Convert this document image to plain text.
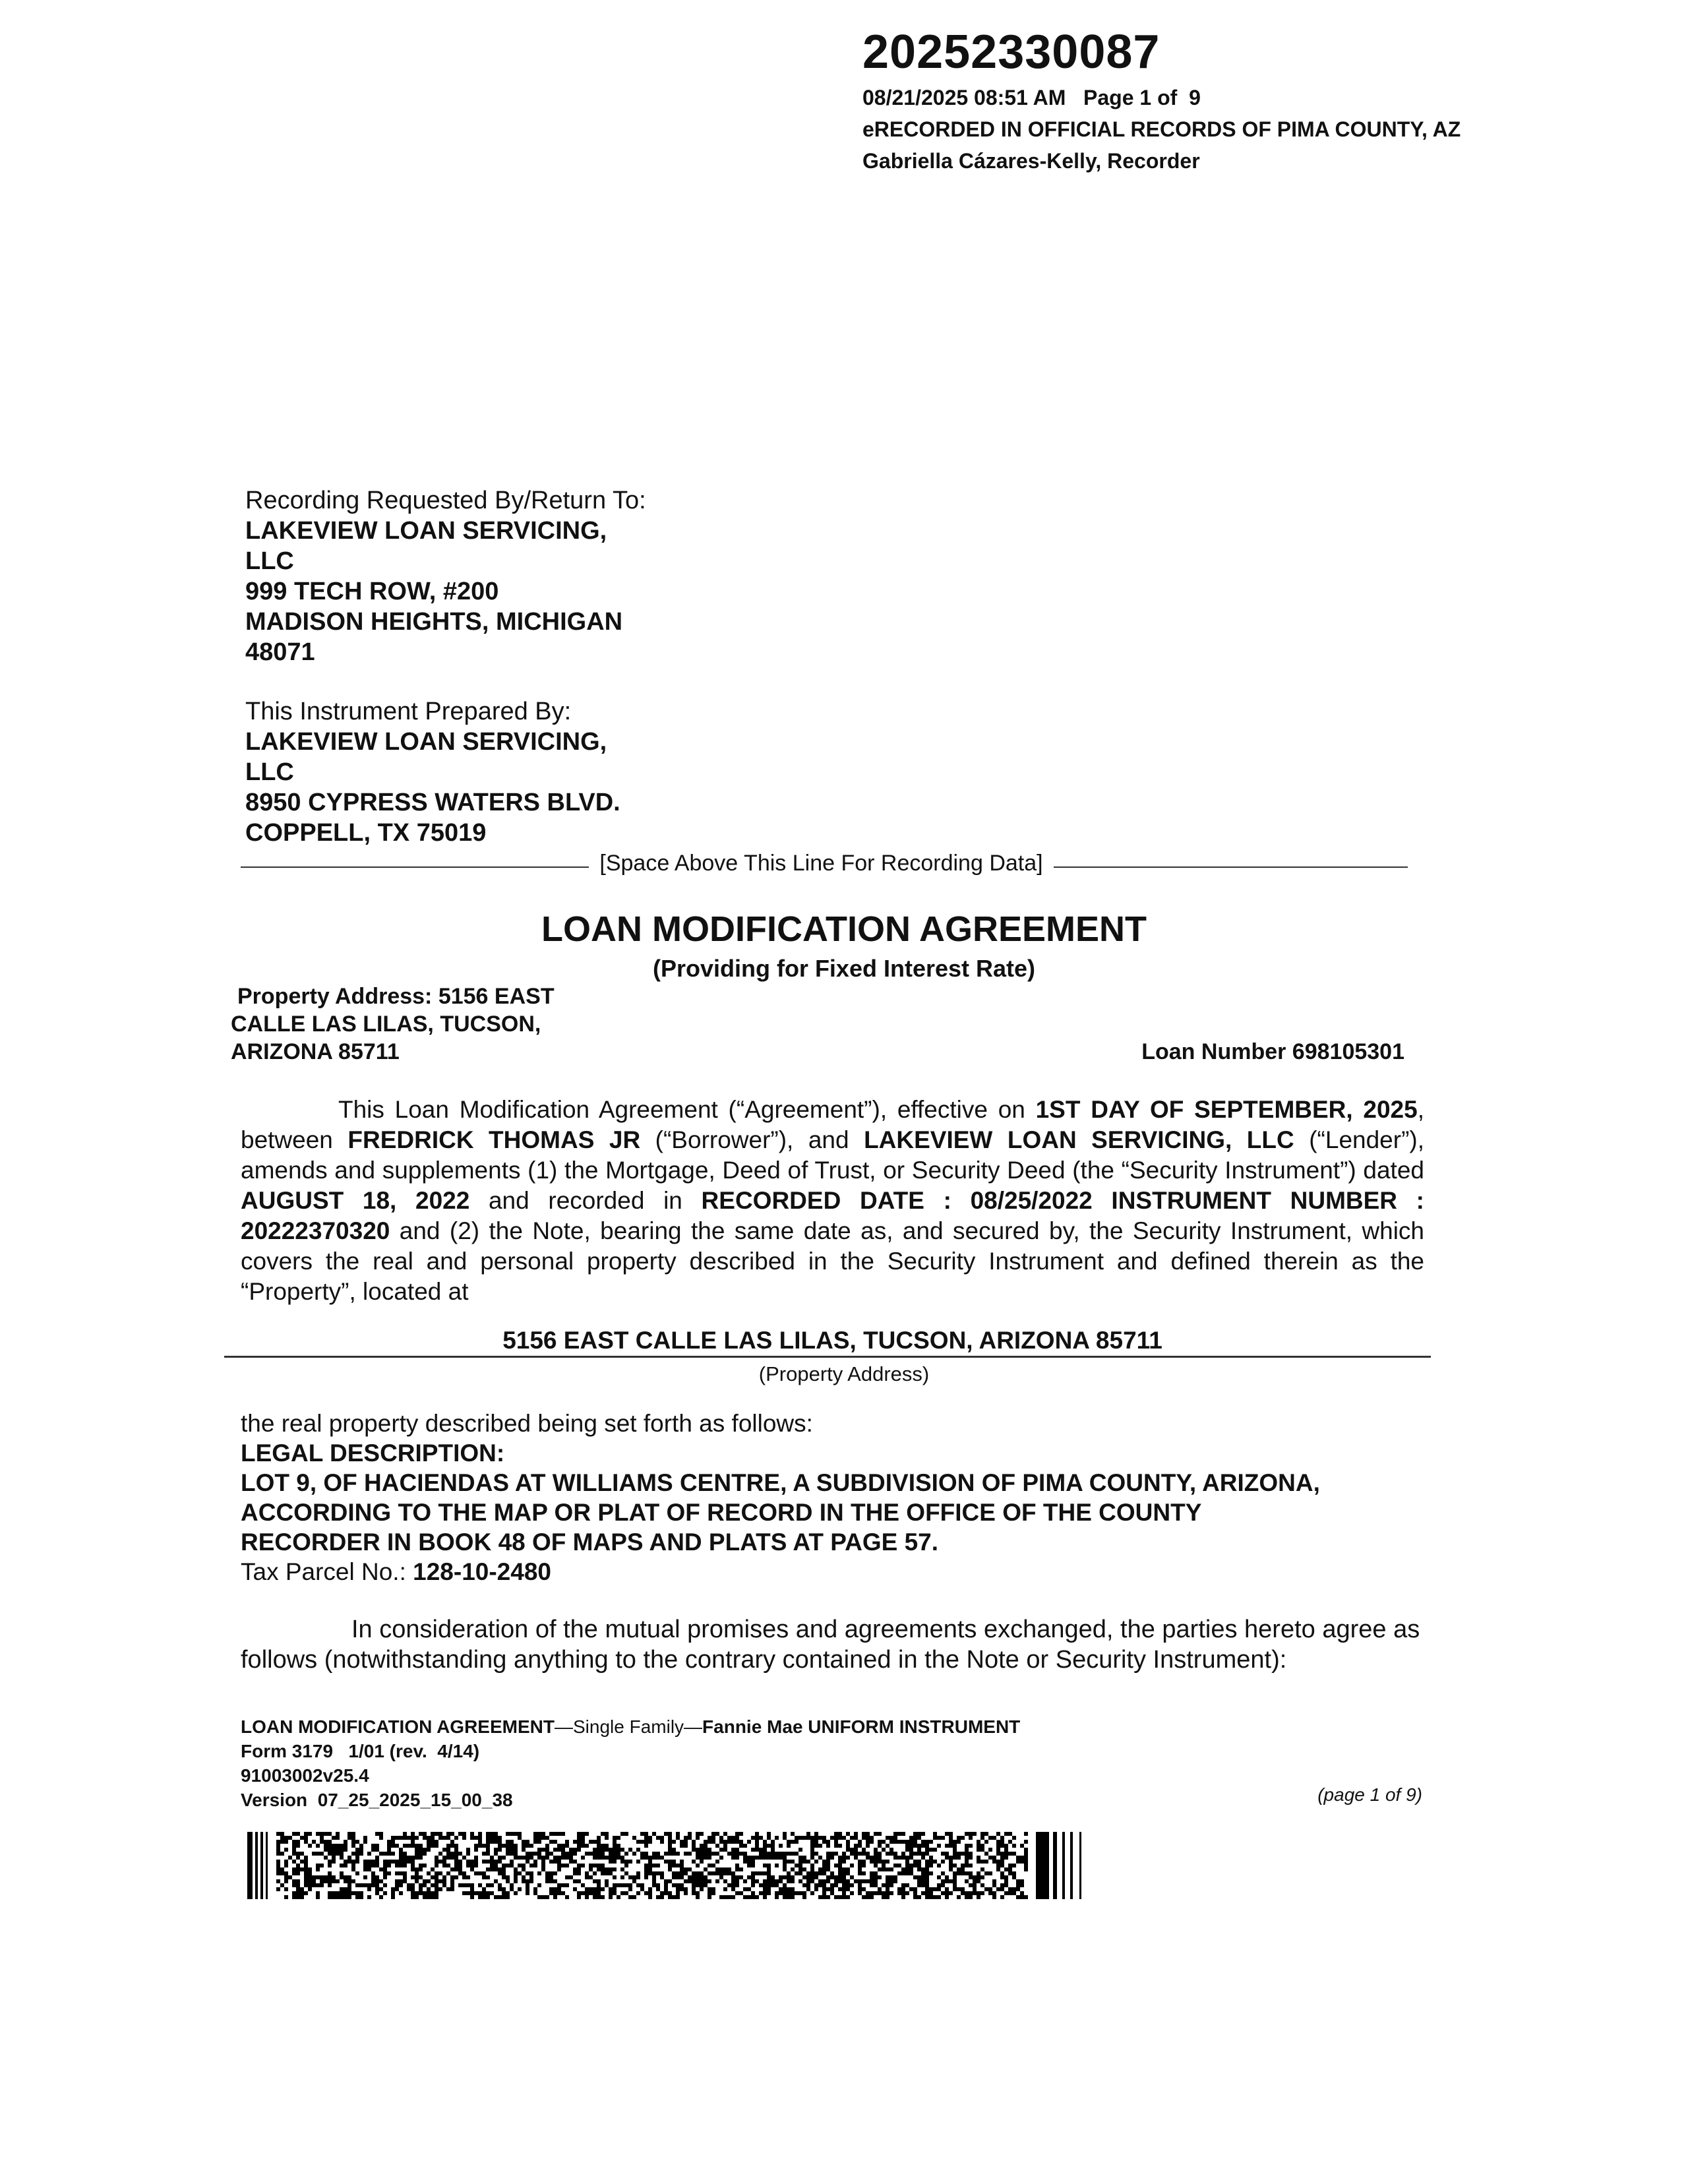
20252330087
08/21/2025 08:51 AM   Page 1 of  9
eRECORDED IN OFFICIAL RECORDS OF PIMA COUNTY, AZ
Gabriella Cázares-Kelly, Recorder
Recording Requested By/Return To:
LAKEVIEW LOAN SERVICING,
LLC
999 TECH ROW, #200
MADISON HEIGHTS, MICHIGAN
48071
This Instrument Prepared By:
LAKEVIEW LOAN SERVICING,
LLC
8950 CYPRESS WATERS BLVD.
COPPELL, TX 75019
[Space Above This Line For Recording Data]
LOAN MODIFICATION AGREEMENT
(Providing for Fixed Interest Rate)
Property Address: 5156 EAST
CALLE LAS LILAS, TUCSON,
ARIZONA 85711	Loan Number 698105301
This Loan Modification Agreement (“Agreement”), effective on 1ST DAY OF SEPTEMBER, 2025, between FREDRICK THOMAS JR (“Borrower”), and LAKEVIEW LOAN SERVICING, LLC (“Lender”), amends and supplements (1) the Mortgage, Deed of Trust, or Security Deed (the “Security Instrument”) dated AUGUST 18, 2022 and recorded in RECORDED DATE : 08/25/2022 INSTRUMENT NUMBER : 20222370320 and (2) the Note, bearing the same date as, and secured by, the Security Instrument, which covers the real and personal property described in the Security Instrument and defined therein as the “Property”, located at
5156 EAST CALLE LAS LILAS, TUCSON, ARIZONA 85711
(Property Address)
the real property described being set forth as follows:
LEGAL DESCRIPTION:
LOT 9, OF HACIENDAS AT WILLIAMS CENTRE, A SUBDIVISION OF PIMA COUNTY, ARIZONA,
ACCORDING TO THE MAP OR PLAT OF RECORD IN THE OFFICE OF THE COUNTY
RECORDER IN BOOK 48 OF MAPS AND PLATS AT PAGE 57.
Tax Parcel No.: 128-10-2480
In consideration of the mutual promises and agreements exchanged, the parties hereto agree as follows (notwithstanding anything to the contrary contained in the Note or Security Instrument):
LOAN MODIFICATION AGREEMENT—Single Family—Fannie Mae UNIFORM INSTRUMENT
Form 3179   1/01 (rev.  4/14)
91003002v25.4
Version  07_25_2025_15_00_38	(page 1 of 9)
